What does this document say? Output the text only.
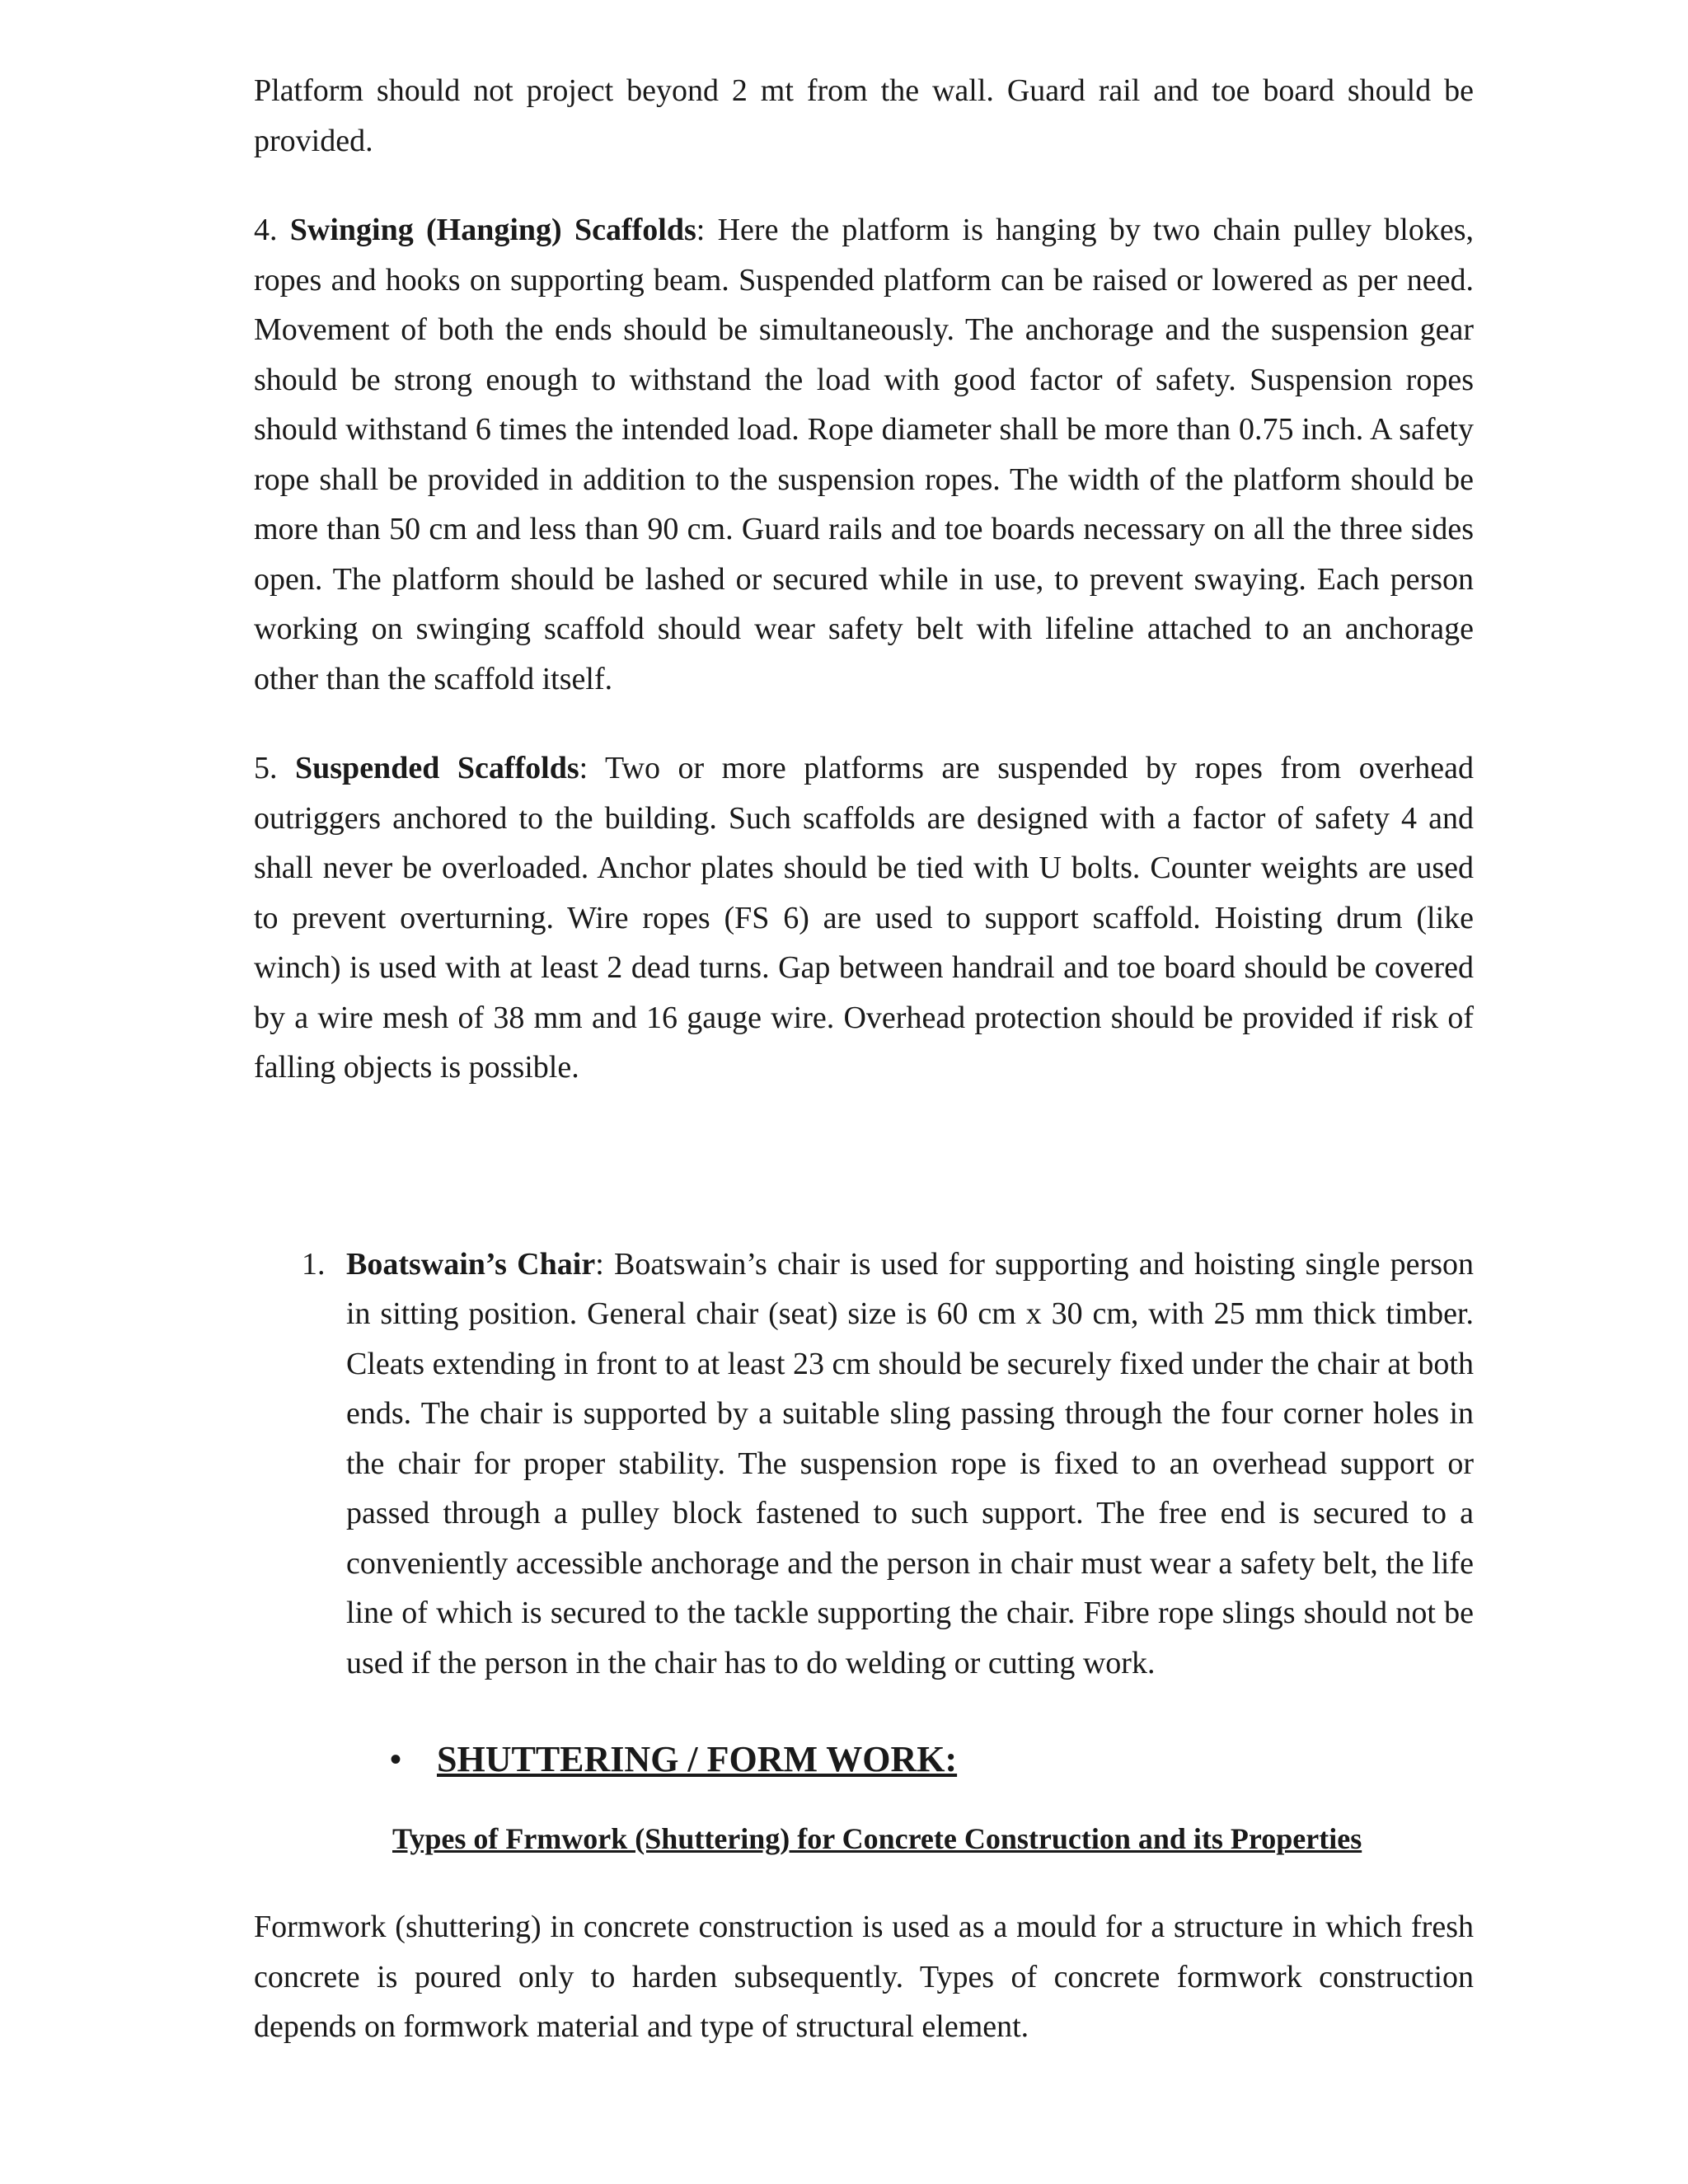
Platform should not project beyond 2 mt from the wall. Guard rail and toe board should be provided.

4. Swinging (Hanging) Scaffolds: Here the platform is hanging by two chain pulley blokes, ropes and hooks on supporting beam. Suspended platform can be raised or lowered as per need. Movement of both the ends should be simultaneously. The anchorage and the suspension gear should be strong enough to withstand the load with good factor of safety. Suspension ropes should withstand 6 times the intended load. Rope diameter shall be more than 0.75 inch. A safety rope shall be provided in addition to the suspension ropes. The width of the platform should be more than 50 cm and less than 90 cm. Guard rails and toe boards necessary on all the three sides open. The platform should be lashed or secured while in use, to prevent swaying. Each person working on swinging scaffold should wear safety belt with lifeline attached to an anchorage other than the scaffold itself.

5. Suspended Scaffolds: Two or more platforms are suspended by ropes from overhead outriggers anchored to the building. Such scaffolds are designed with a factor of safety 4 and shall never be overloaded. Anchor plates should be tied with U bolts. Counter weights are used to prevent overturning. Wire ropes (FS 6) are used to support scaffold. Hoisting drum (like winch) is used with at least 2 dead turns. Gap between handrail and toe board should be covered by a wire mesh of 38 mm and 16 gauge wire. Overhead protection should be provided if risk of falling objects is possible.

1. Boatswain’s Chair: Boatswain’s chair is used for supporting and hoisting single person in sitting position. General chair (seat) size is 60 cm x 30 cm, with 25 mm thick timber. Cleats extending in front to at least 23 cm should be securely fixed under the chair at both ends. The chair is supported by a suitable sling passing through the four corner holes in the chair for proper stability. The suspension rope is fixed to an overhead support or passed through a pulley block fastened to such support. The free end is secured to a conveniently accessible anchorage and the person in chair must wear a safety belt, the life line of which is secured to the tackle supporting the chair. Fibre rope slings should not be used if the person in the chair has to do welding or cutting work.

• SHUTTERING / FORM WORK:
Types of Frmwork (Shuttering) for Concrete Construction and its Properties

Formwork (shuttering) in concrete construction is used as a mould for a structure in which fresh concrete is poured only to harden subsequently. Types of concrete formwork construction depends on formwork material and type of structural element.
